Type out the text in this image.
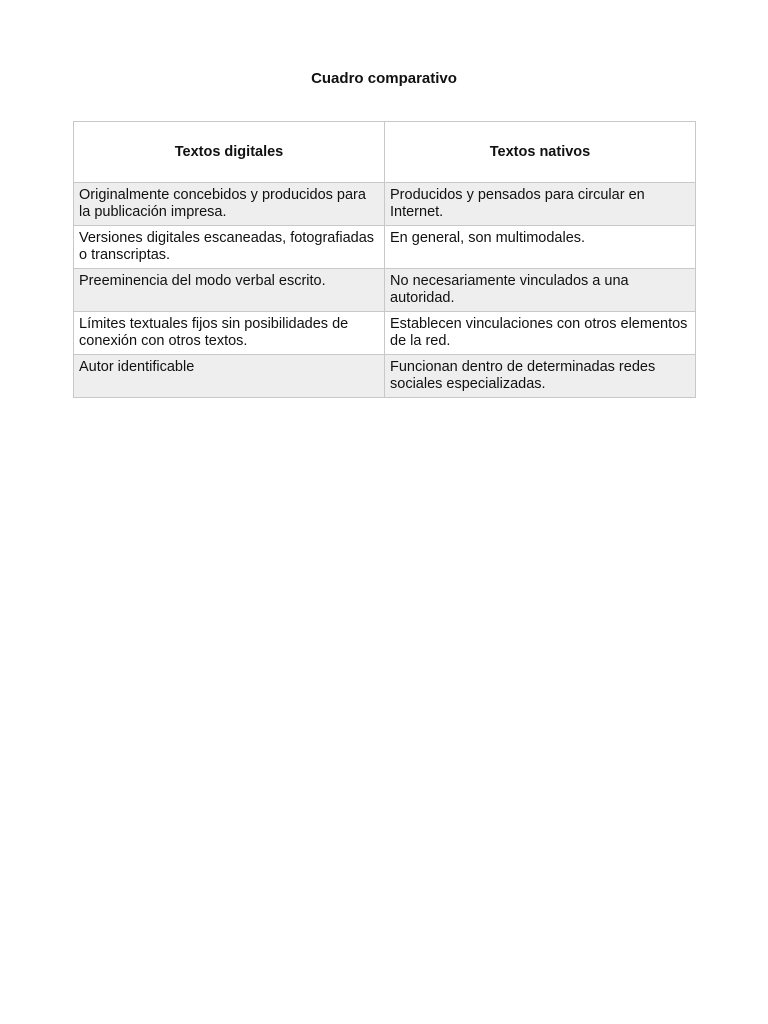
Cuadro comparativo
Textos digitales	Textos nativos
Originalmente concebidos y producidos para la publicación impresa.	Producidos y pensados para circular en Internet.
Versiones digitales escaneadas, fotografiadas o transcriptas.	En general, son multimodales.
Preeminencia del modo verbal escrito.	No necesariamente vinculados a una autoridad.
Límites textuales fijos sin posibilidades de conexión con otros textos.	Establecen vinculaciones con otros elementos de la red.
Autor identificable	Funcionan dentro de determinadas redes sociales especializadas.
